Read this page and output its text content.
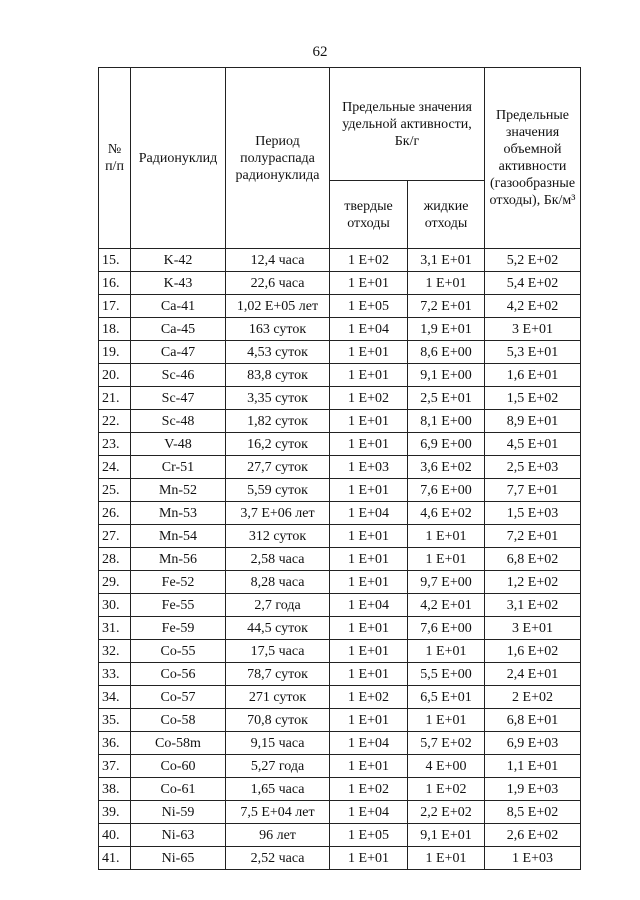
62
№ п/п	Радионуклид	Период полураспада радионуклида	Предельные значения удельной активности, Бк/г		Предельные значения объемной активности (газообразные отходы), Бк/м³
			твердые отходы	жидкие отходы	
15.	K-42	12,4 часа	1 E+02	3,1 E+01	5,2 E+02
16.	K-43	22,6 часа	1 E+01	1 E+01	5,4 E+02
17.	Ca-41	1,02 E+05 лет	1 E+05	7,2 E+01	4,2 E+02
18.	Ca-45	163 суток	1 E+04	1,9 E+01	3 E+01
19.	Ca-47	4,53 суток	1 E+01	8,6 E+00	5,3 E+01
20.	Sc-46	83,8 суток	1 E+01	9,1 E+00	1,6 E+01
21.	Sc-47	3,35 суток	1 E+02	2,5 E+01	1,5 E+02
22.	Sc-48	1,82 суток	1 E+01	8,1 E+00	8,9 E+01
23.	V-48	16,2 суток	1 E+01	6,9 E+00	4,5 E+01
24.	Cr-51	27,7 суток	1 E+03	3,6 E+02	2,5 E+03
25.	Mn-52	5,59 суток	1 E+01	7,6 E+00	7,7 E+01
26.	Mn-53	3,7 E+06 лет	1 E+04	4,6 E+02	1,5 E+03
27.	Mn-54	312 суток	1 E+01	1 E+01	7,2 E+01
28.	Mn-56	2,58 часа	1 E+01	1 E+01	6,8 E+02
29.	Fe-52	8,28 часа	1 E+01	9,7 E+00	1,2 E+02
30.	Fe-55	2,7 года	1 E+04	4,2 E+01	3,1 E+02
31.	Fe-59	44,5 суток	1 E+01	7,6 E+00	3 E+01
32.	Co-55	17,5 часа	1 E+01	1 E+01	1,6 E+02
33.	Co-56	78,7 суток	1 E+01	5,5 E+00	2,4 E+01
34.	Co-57	271 суток	1 E+02	6,5 E+01	2 E+02
35.	Co-58	70,8 суток	1 E+01	1 E+01	6,8 E+01
36.	Co-58m	9,15 часа	1 E+04	5,7 E+02	6,9 E+03
37.	Co-60	5,27 года	1 E+01	4 E+00	1,1 E+01
38.	Co-61	1,65 часа	1 E+02	1 E+02	1,9 E+03
39.	Ni-59	7,5 E+04 лет	1 E+04	2,2 E+02	8,5 E+02
40.	Ni-63	96 лет	1 E+05	9,1 E+01	2,6 E+02
41.	Ni-65	2,52 часа	1 E+01	1 E+01	1 E+03
